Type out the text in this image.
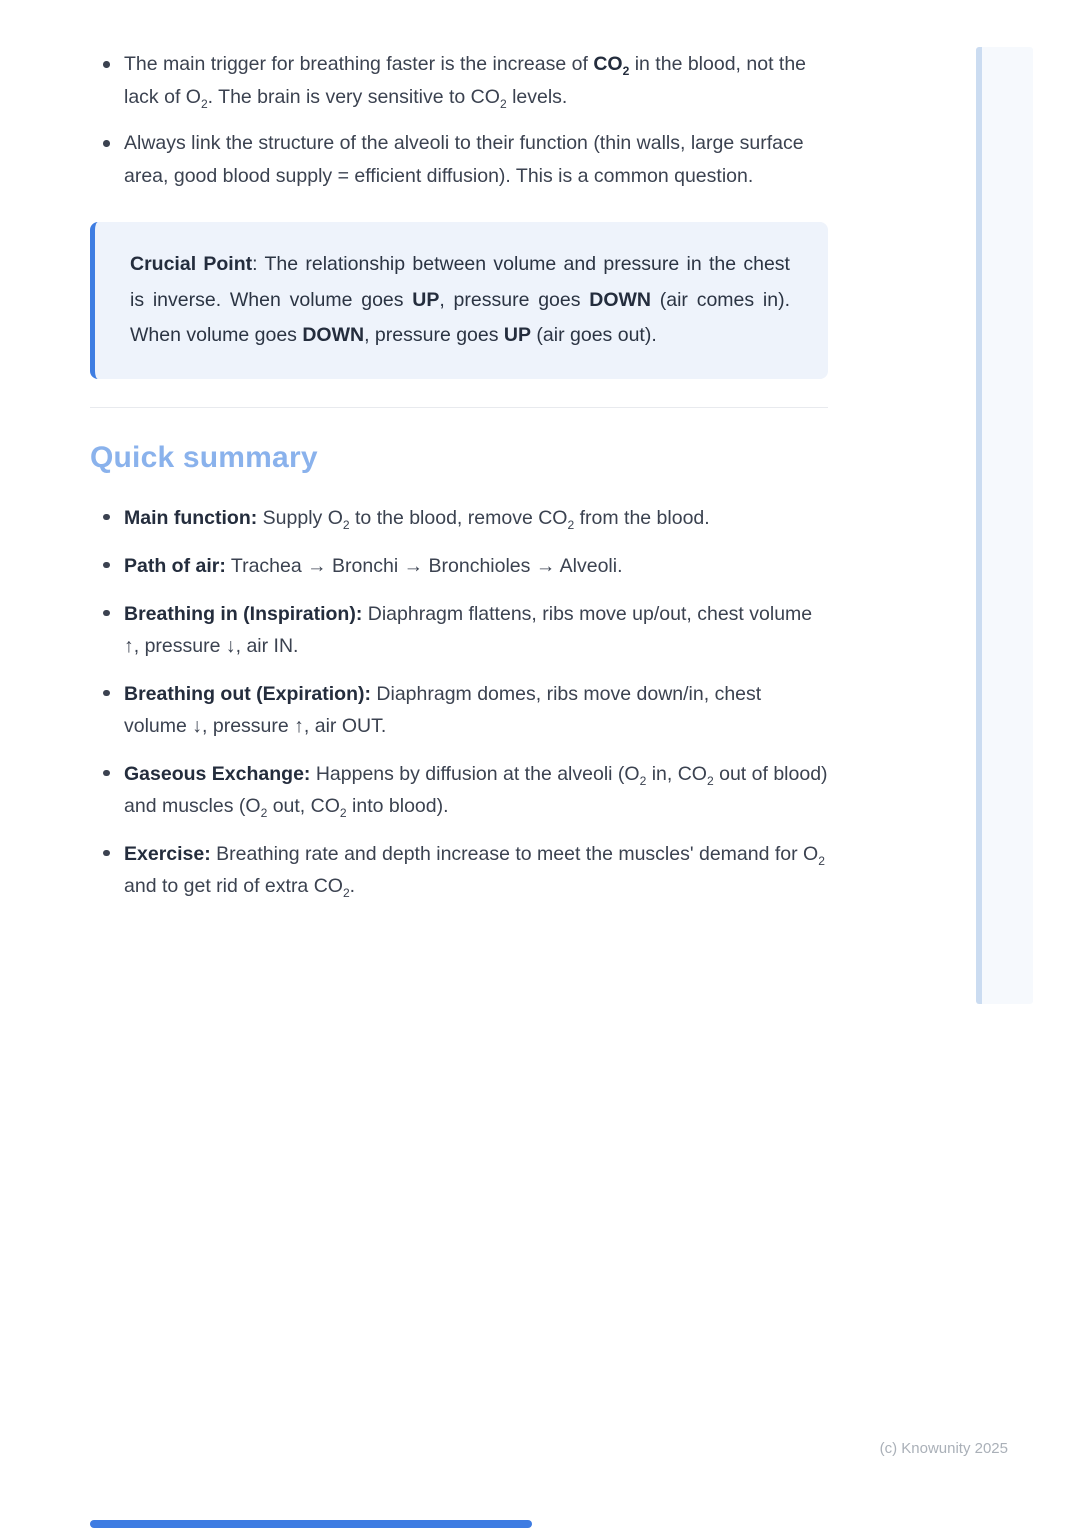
The main trigger for breathing faster is the increase of $CO_2$ in the blood, not the lack of $O_2$. The brain is very sensitive to $CO_2$ levels.
Always link the structure of the alveoli to their function (thin walls, large surface area, good blood supply = efficient diffusion). This is a common question.

Crucial Point: The relationship between volume and pressure in the chest is inverse. When volume goes UP, pressure goes DOWN (air comes in). When volume goes DOWN, pressure goes UP (air goes out).

Quick summary
Main function: Supply $O_2$ to the blood, remove $CO_2$ from the blood.
Path of air: Trachea → Bronchi → Bronchioles → Alveoli.
Breathing in (Inspiration): Diaphragm flattens, ribs move up/out, chest volume ↑, pressure ↓, air IN.
Breathing out (Expiration): Diaphragm domes, ribs move down/in, chest volume ↓, pressure ↑, air OUT.
Gaseous Exchange: Happens by diffusion at the alveoli ($O_2$ in, $CO_2$ out of blood) and muscles ($O_2$ out, $CO_2$ into blood).
Exercise: Breathing rate and depth increase to meet the muscles' demand for $O_2$ and to get rid of extra $CO_2$.
(c) Knowunity 2025
